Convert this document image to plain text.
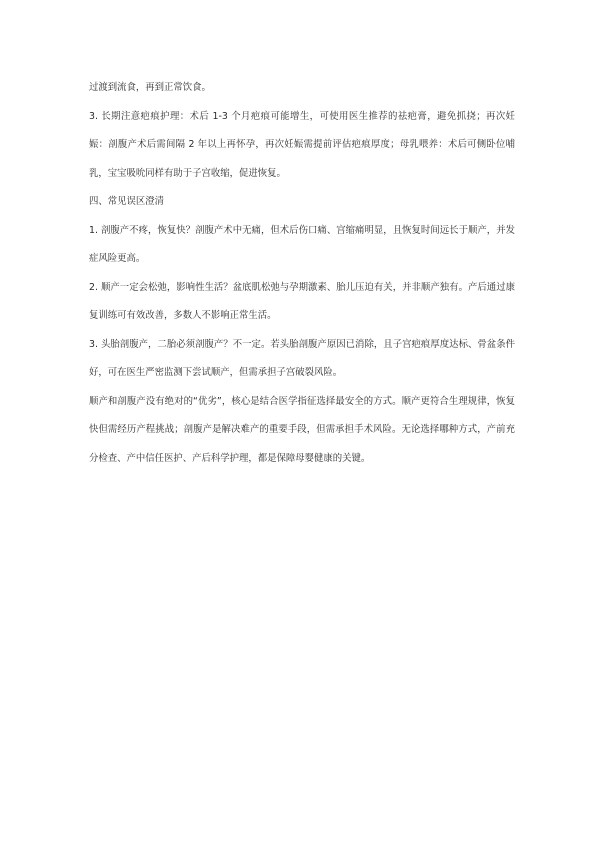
过渡到流食，再到正常饮食。

3. 长期注意疤痕护理：术后 1-3 个月疤痕可能增生，可使用医生推荐的祛疤膏，避免抓挠；再次妊娠：剖腹产术后需间隔 2 年以上再怀孕，再次妊娠需提前评估疤痕厚度；母乳喂养：术后可侧卧位哺乳，宝宝吸吮同样有助于子宫收缩，促进恢复。

四、常见误区澄清

1. 剖腹产不疼，恢复快？剖腹产术中无痛，但术后伤口痛、宫缩痛明显，且恢复时间远长于顺产，并发症风险更高。

2. 顺产一定会松弛，影响性生活？盆底肌松弛与孕期激素、胎儿压迫有关，并非顺产独有。产后通过康复训练可有效改善，多数人不影响正常生活。

3. 头胎剖腹产，二胎必须剖腹产？不一定。若头胎剖腹产原因已消除，且子宫疤痕厚度达标、骨盆条件好，可在医生严密监测下尝试顺产，但需承担子宫破裂风险。

顺产和剖腹产没有绝对的“优劣”，核心是结合医学指征选择最安全的方式。顺产更符合生理规律，恢复快但需经历产程挑战；剖腹产是解决难产的重要手段，但需承担手术风险。无论选择哪种方式，产前充分检查、产中信任医护、产后科学护理，都是保障母婴健康的关键。
